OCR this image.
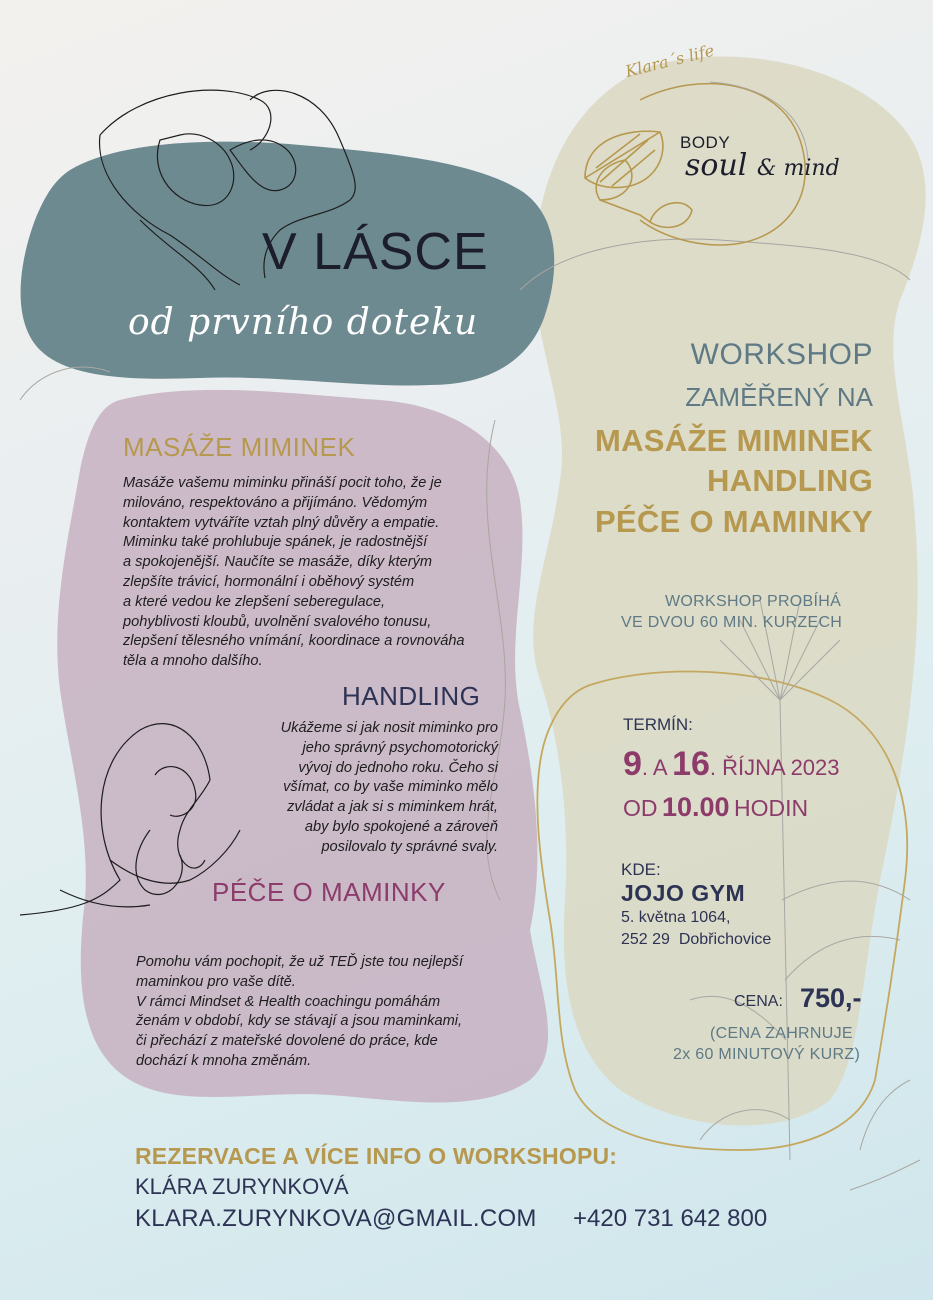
Klara´s life
BODY
soul & mind
V LÁSCE
od prvního doteku
MASÁŽE MIMINEK
Masáže vašemu miminku přináší pocit toho, že je
milováno, respektováno a přijímáno. Vědomým
kontaktem vytváříte vztah plný důvěry a empatie.
Miminku také prohlubuje spánek, je radostnější
a spokojenější. Naučíte se masáže, díky kterým
zlepšíte trávicí, hormonální i oběhový systém
a které vedou ke zlepšení seberegulace,
pohyblivosti kloubů, uvolnění svalového tonusu,
zlepšení tělesného vnímání, koordinace a rovnováha
těla a mnoho dalšího.
HANDLING
Ukážeme si jak nosit miminko pro
jeho správný psychomotorický
vývoj do jednoho roku. Čeho si
všímat, co by vaše miminko mělo
zvládat a jak si s miminkem hrát,
aby bylo spokojené a zároveň
posilovalo ty správné svaly.
PÉČE O MAMINKY
Pomohu vám pochopit, že už TEĎ jste tou nejlepší
maminkou pro vaše dítě.
V rámci Mindset & Health coachingu pomáhám
ženám v období, kdy se stávají a jsou maminkami,
či přechází z mateřské dovolené do práce, kde
dochází k mnoha změnám.
WORKSHOP
ZAMĚŘENÝ NA
MASÁŽE MIMINEK
HANDLING
PÉČE O MAMINKY
WORKSHOP PROBÍHÁ
VE DVOU 60 MIN. KURZECH
TERMÍN:
9. A 16. ŘÍJNA 2023
OD 10.00 HODIN
KDE:
JOJO GYM
5. května 1064,
252 29  Dobřichovice
CENA: 750,-
(CENA ZAHRNUJE
2x 60 MINUTOVÝ KURZ)
REZERVACE A VÍCE INFO O WORKSHOPU:
KLÁRA ZURYNKOVÁ
KLARA.ZURYNKOVA@GMAIL.COM +420 731 642 800
